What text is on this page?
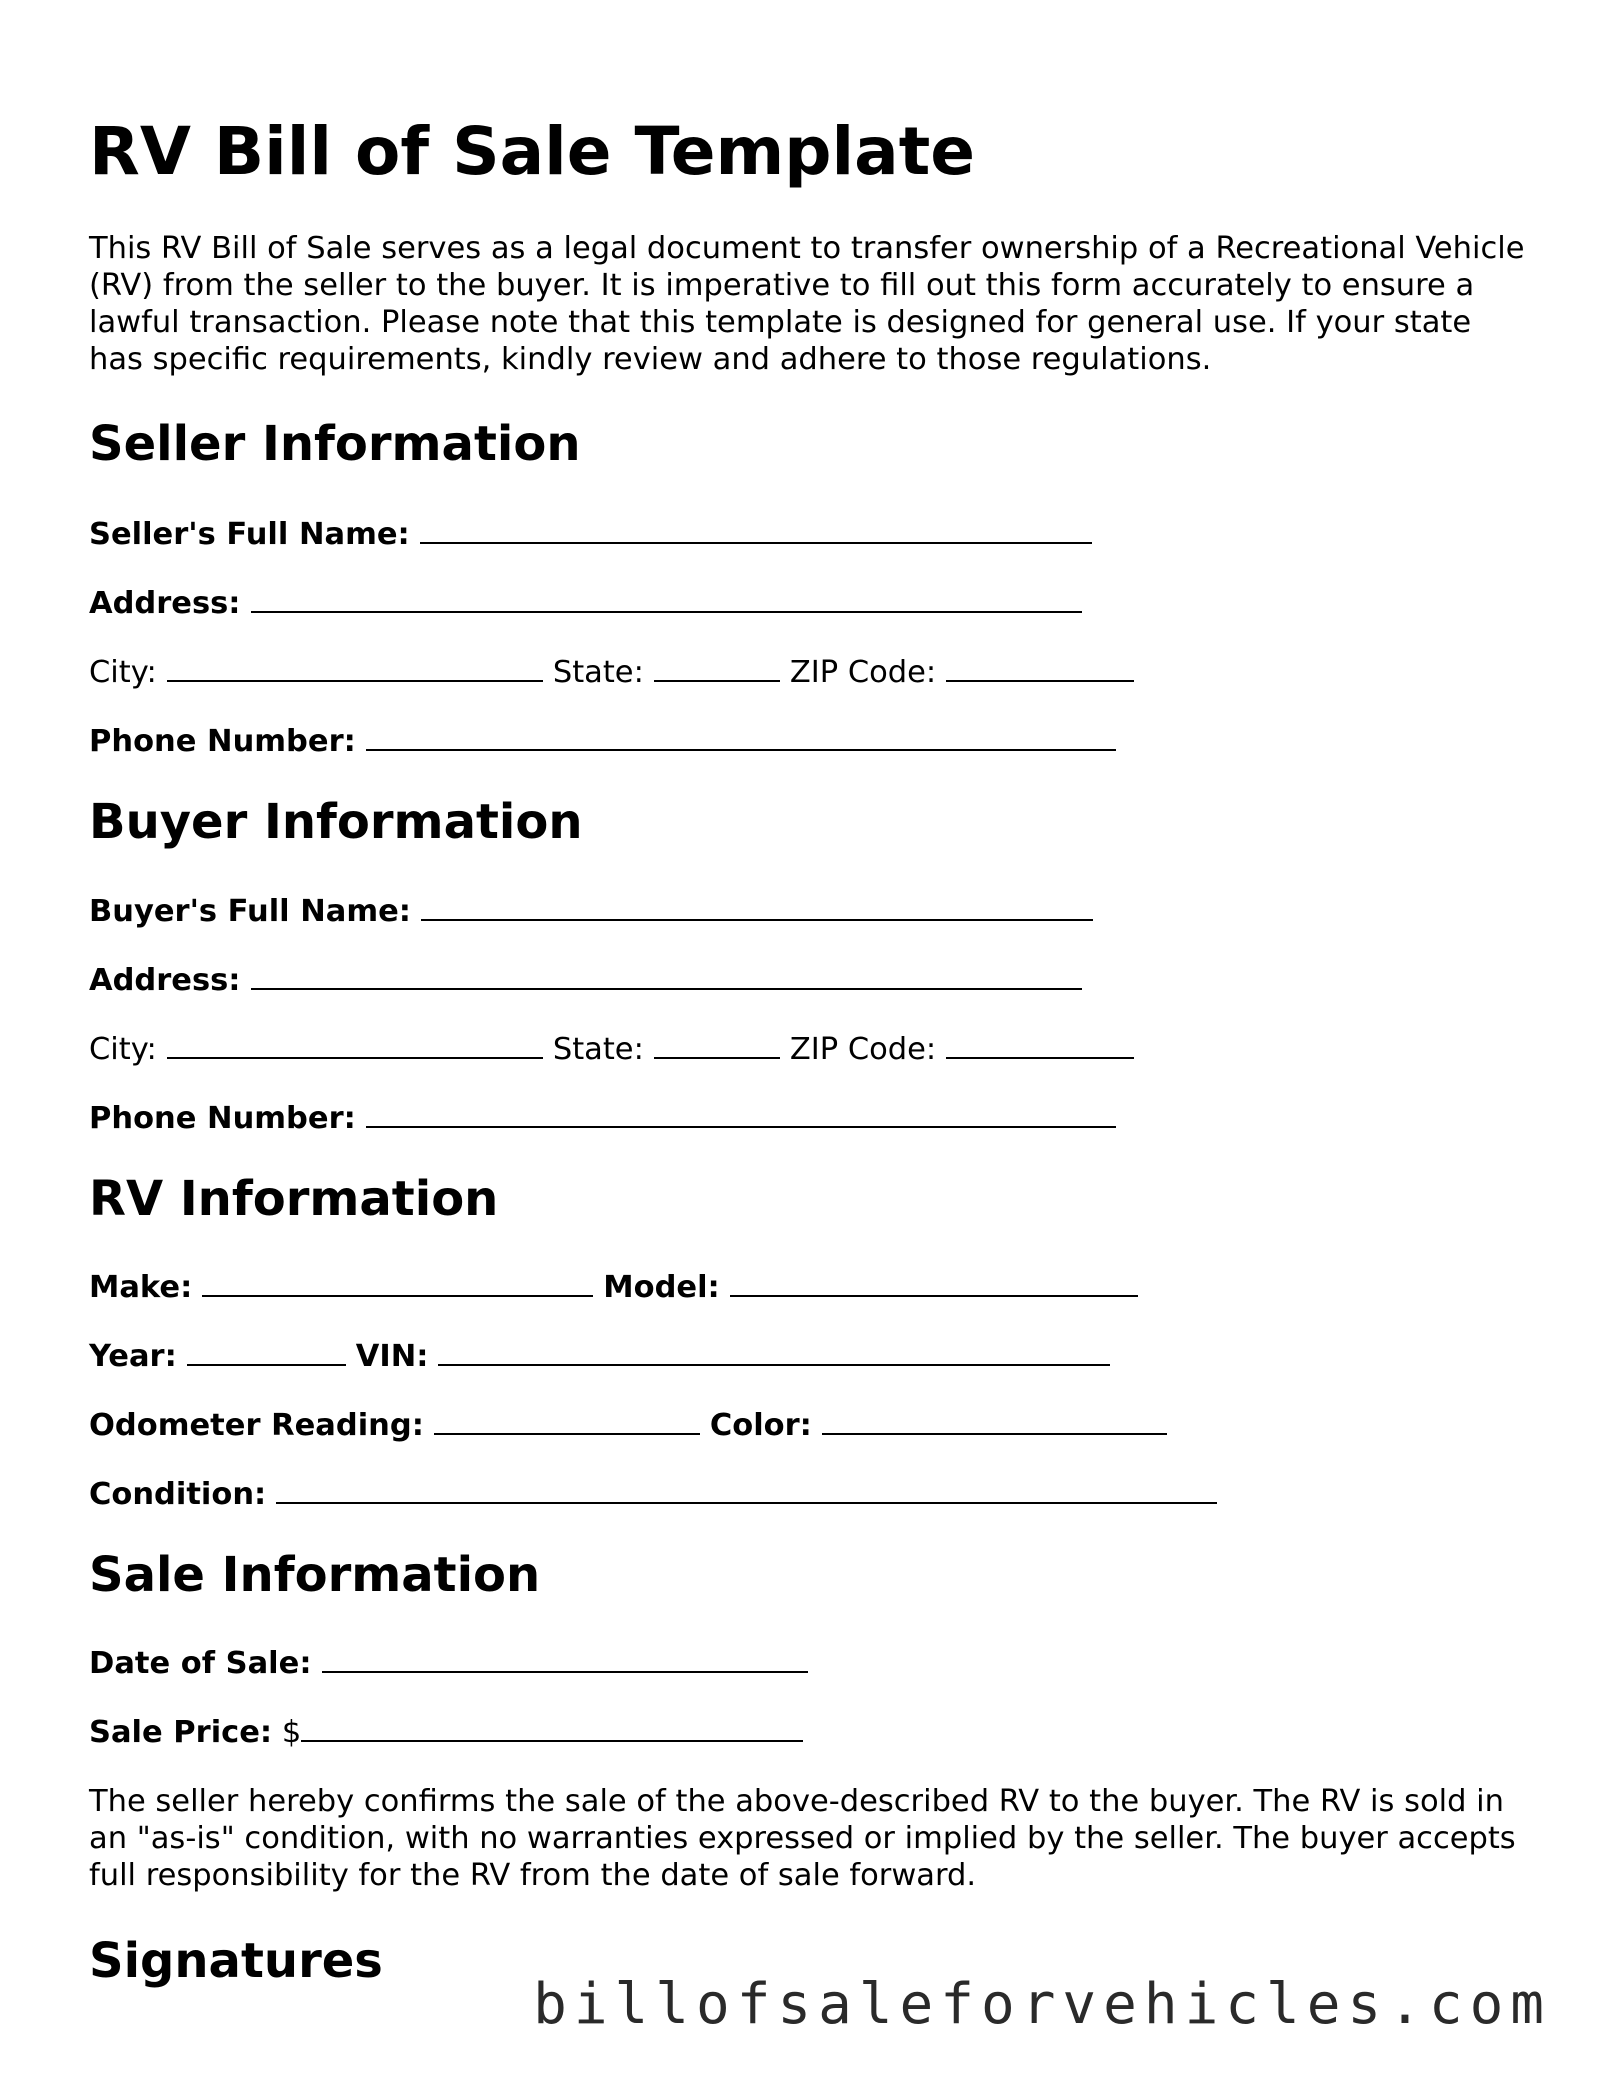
RV Bill of Sale Template

This RV Bill of Sale serves as a legal document to transfer ownership of a Recreational Vehicle (RV) from the seller to the buyer. It is imperative to fill out this form accurately to ensure a lawful transaction. Please note that this template is designed for general use. If your state has specific requirements, kindly review and adhere to those regulations.

Seller Information
Seller's Full Name:
Address:
City:	State:	ZIP Code:
Phone Number:
Buyer Information
Buyer's Full Name:
Address:
City:	State:	ZIP Code:
Phone Number:
RV Information
Make:	Model:
Year:	VIN:
Odometer Reading:	Color:
Condition:
Sale Information
Date of Sale:
Sale Price: $

The seller hereby confirms the sale of the above-described RV to the buyer. The RV is sold in an "as-is" condition, with no warranties expressed or implied by the seller. The buyer accepts full responsibility for the RV from the date of sale forward.

Signatures
billofsaleforvehicles.com
